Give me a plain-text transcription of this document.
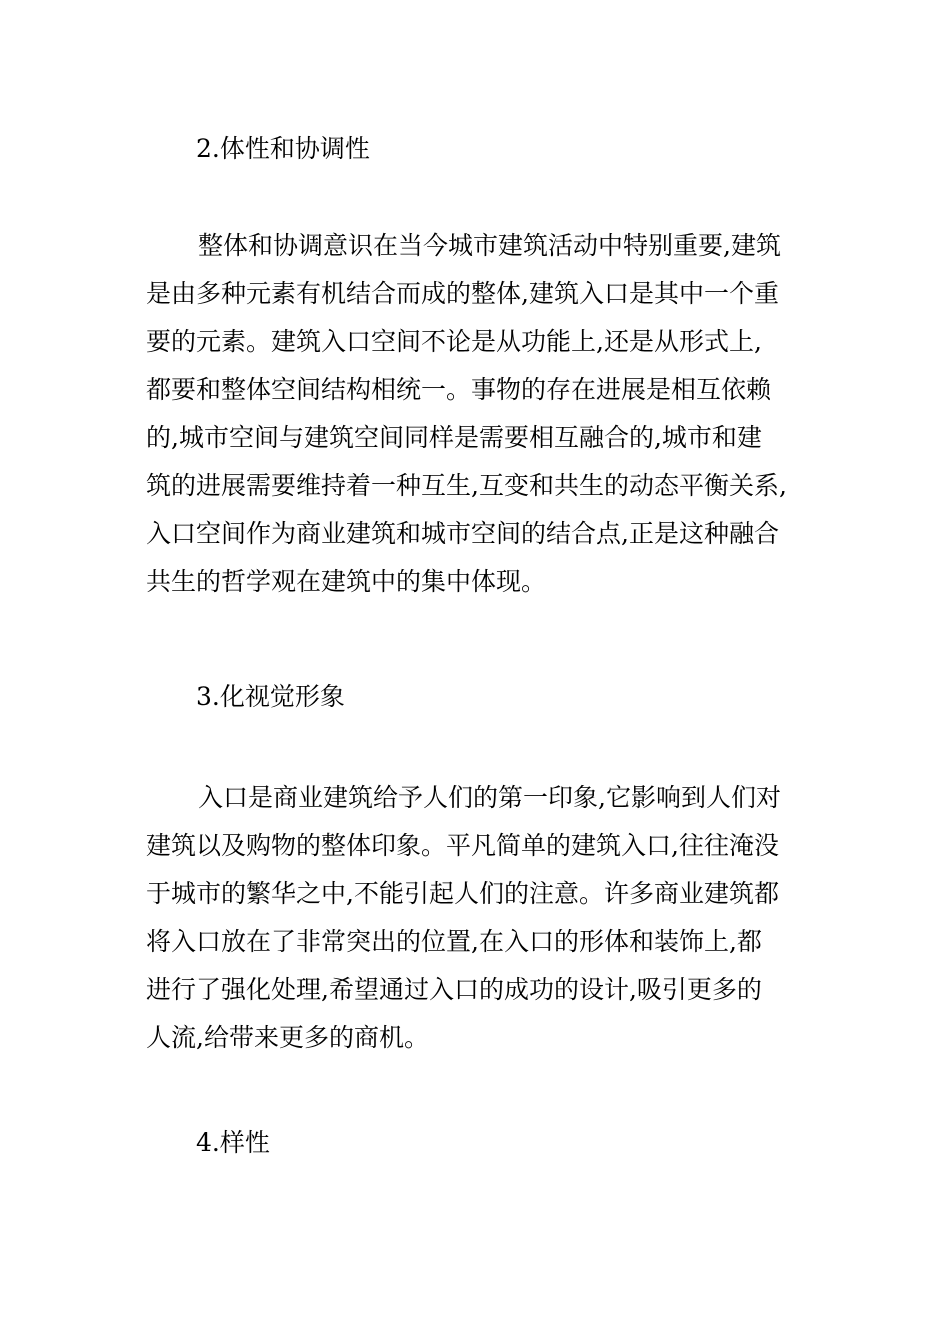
2.体性和协调性
整体和协调意识在当今城市建筑活动中特别重要,建筑
是由多种元素有机结合而成的整体,建筑入口是其中一个重
要的元素。建筑入口空间不论是从功能上,还是从形式上,
都要和整体空间结构相统一。事物的存在进展是相互依赖
的,城市空间与建筑空间同样是需要相互融合的,城市和建
筑的进展需要维持着一种互生,互变和共生的动态平衡关系,
入口空间作为商业建筑和城市空间的结合点,正是这种融合
共生的哲学观在建筑中的集中体现。
3.化视觉形象
入口是商业建筑给予人们的第一印象,它影响到人们对
建筑以及购物的整体印象。平凡简单的建筑入口,往往淹没
于城市的繁华之中,不能引起人们的注意。许多商业建筑都
将入口放在了非常突出的位置,在入口的形体和装饰上,都
进行了强化处理,希望通过入口的成功的设计,吸引更多的
人流,给带来更多的商机。
4.样性
